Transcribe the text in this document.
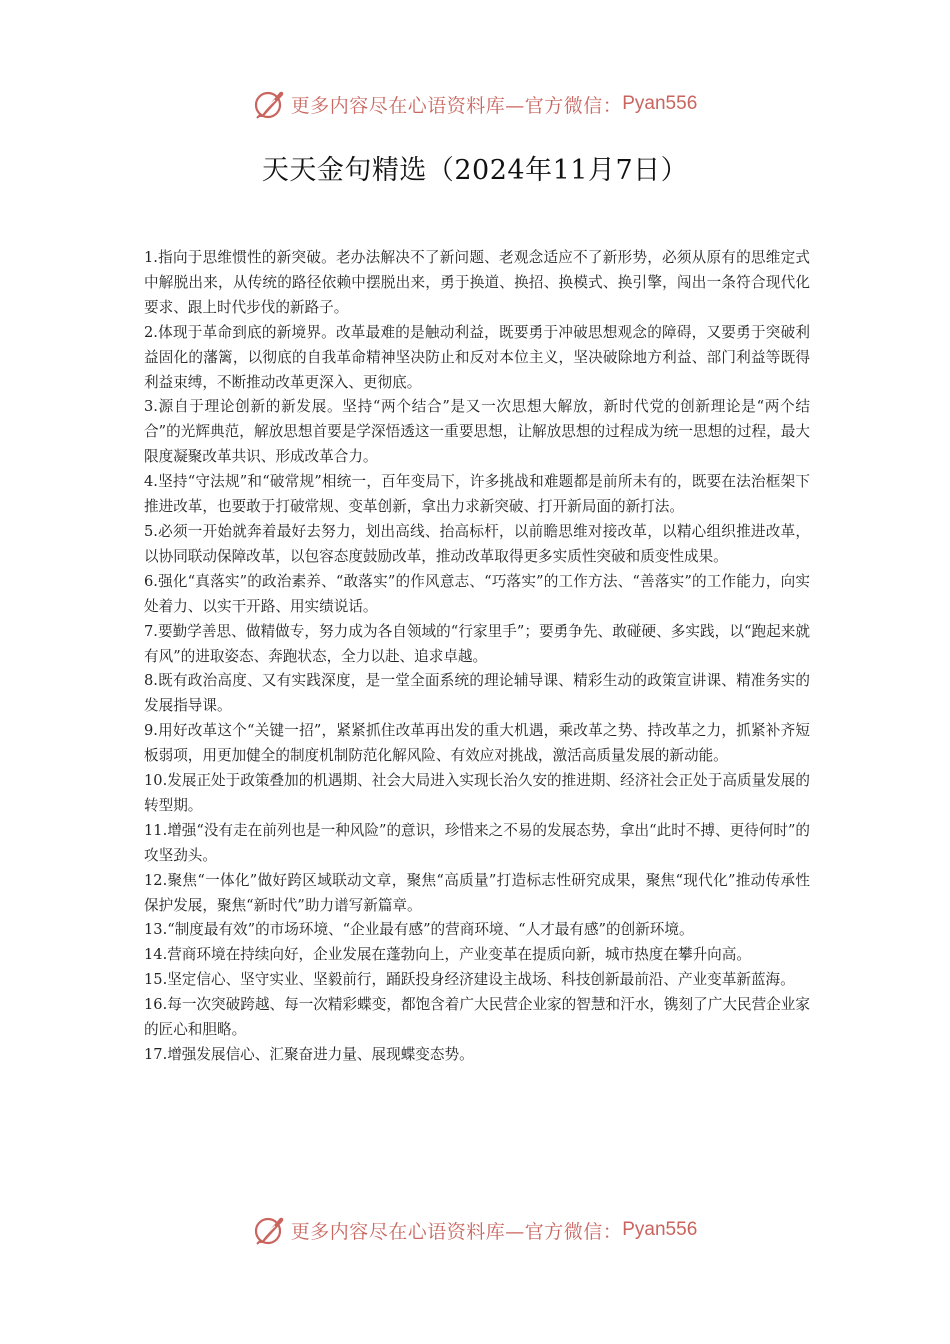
更多内容尽在心语资料库—官方微信： Pyan556
天天金句精选（2024年11月7日）

1.指向于思维惯性的新突破。老办法解决不了新问题、老观念适应不了新形势，必须从原有的思维定式中解脱出来，从传统的路径依赖中摆脱出来，勇于换道、换招、换模式、换引擎，闯出一条符合现代化要求、跟上时代步伐的新路子。

2.体现于革命到底的新境界。改革最难的是触动利益，既要勇于冲破思想观念的障碍，又要勇于突破利益固化的藩篱，以彻底的自我革命精神坚决防止和反对本位主义，坚决破除地方利益、部门利益等既得利益束缚，不断推动改革更深入、更彻底。

3.源自于理论创新的新发展。坚持“两个结合”是又一次思想大解放，新时代党的创新理论是“两个结合”的光辉典范，解放思想首要是学深悟透这一重要思想，让解放思想的过程成为统一思想的过程，最大限度凝聚改革共识、形成改革合力。

4.坚持“守法规”和“破常规”相统一，百年变局下，许多挑战和难题都是前所未有的，既要在法治框架下推进改革，也要敢于打破常规、变革创新，拿出力求新突破、打开新局面的新打法。

5.必须一开始就奔着最好去努力，划出高线、抬高标杆，以前瞻思维对接改革，以精心组织推进改革，以协同联动保障改革，以包容态度鼓励改革，推动改革取得更多实质性突破和质变性成果。

6.强化“真落实”的政治素养、“敢落实”的作风意志、“巧落实”的工作方法、“善落实”的工作能力，向实处着力、以实干开路、用实绩说话。

7.要勤学善思、做精做专，努力成为各自领域的“行家里手”；要勇争先、敢碰硬、多实践，以“跑起来就有风”的进取姿态、奔跑状态，全力以赴、追求卓越。

8.既有政治高度、又有实践深度，是一堂全面系统的理论辅导课、精彩生动的政策宣讲课、精准务实的发展指导课。

9.用好改革这个“关键一招”，紧紧抓住改革再出发的重大机遇，乘改革之势、持改革之力，抓紧补齐短板弱项，用更加健全的制度机制防范化解风险、有效应对挑战，激活高质量发展的新动能。

10.发展正处于政策叠加的机遇期、社会大局进入实现长治久安的推进期、经济社会正处于高质量发展的转型期。

11.增强“没有走在前列也是一种风险”的意识，珍惜来之不易的发展态势，拿出“此时不搏、更待何时”的攻坚劲头。

12.聚焦“一体化”做好跨区域联动文章，聚焦“高质量”打造标志性研究成果，聚焦“现代化”推动传承性保护发展，聚焦“新时代”助力谱写新篇章。

13.“制度最有效”的市场环境、“企业最有感”的营商环境、“人才最有感”的创新环境。

14.营商环境在持续向好，企业发展在蓬勃向上，产业变革在提质向新，城市热度在攀升向高。

15.坚定信心、坚守实业、坚毅前行，踊跃投身经济建设主战场、科技创新最前沿、产业变革新蓝海。

16.每一次突破跨越、每一次精彩蝶变，都饱含着广大民营企业家的智慧和汗水，镌刻了广大民营企业家的匠心和胆略。

17.增强发展信心、汇聚奋进力量、展现蝶变态势。

更多内容尽在心语资料库—官方微信： Pyan556
